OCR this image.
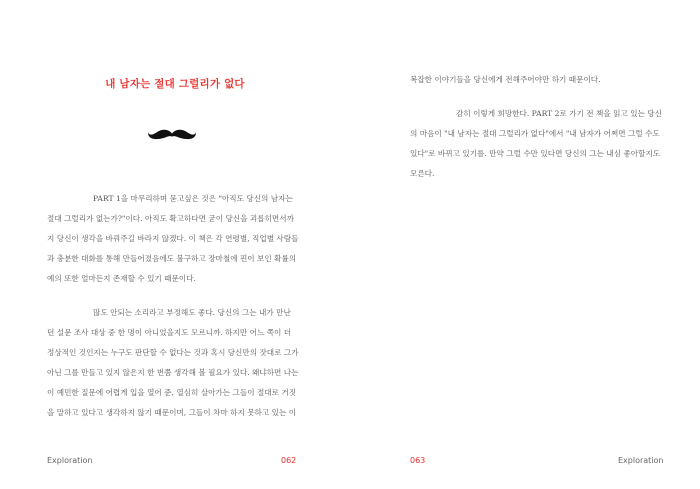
내 남자는 절대 그럴리가 없다
PART 1을 마무리하며 묻고싶은 것은 "아직도 당신의 남자는
절대 그럴리가 없는가?"이다. 아직도 확고하다면 굳이 당신을 괴롭히면서까
지 당신이 생각을 바꿔주길 바라지 않겠다. 이 책은 각 연령별, 직업별 사람들
과 충분한 대화를 통해 만들어졌음에도 불구하고 장마철에 핀이 보인 확률의
예의 또한 얼마든지 존재할 수 있기 때문이다.
많도 안되는 소리라고 부정해도 좋다. 당신의 그는 내가 만난
던 설문 조사 대상 중 한 명이 아니었을지도 모르니까. 하지만 어느 쪽이 더
정상적인 것인지는 누구도 판단할 수 없다는 것과 혹시 당신만의 잣대로 그가
아닌 그를 만들고 있지 않은지 한 번쯤 생각해 볼 필요가 있다. 왜냐하면 나는
이 예민한 질문에 어렵게 입을 열어 준, 열심히 살아가는 그들이 절대로 거짓
을 말하고 있다고 생각하지 않기 때문이며, 그들이 차마 하지 못하고 있는 이
Exploration	062	063	Exploration
복잡한 이야기들을 당신에게 전해주어야만 하기 때문이다.
감히 이렇게 희망한다. PART 2로 가기 전 책을 읽고 있는 당신
의 마음이 "내 남자는 절대 그럴리가 없다"에서 "내 남자가 어쩌면 그럴 수도
있다"로 바뀌고 있기를. 만약 그럴 수만 있다면 당신의 그는 내심 좋아할지도
모른다.
